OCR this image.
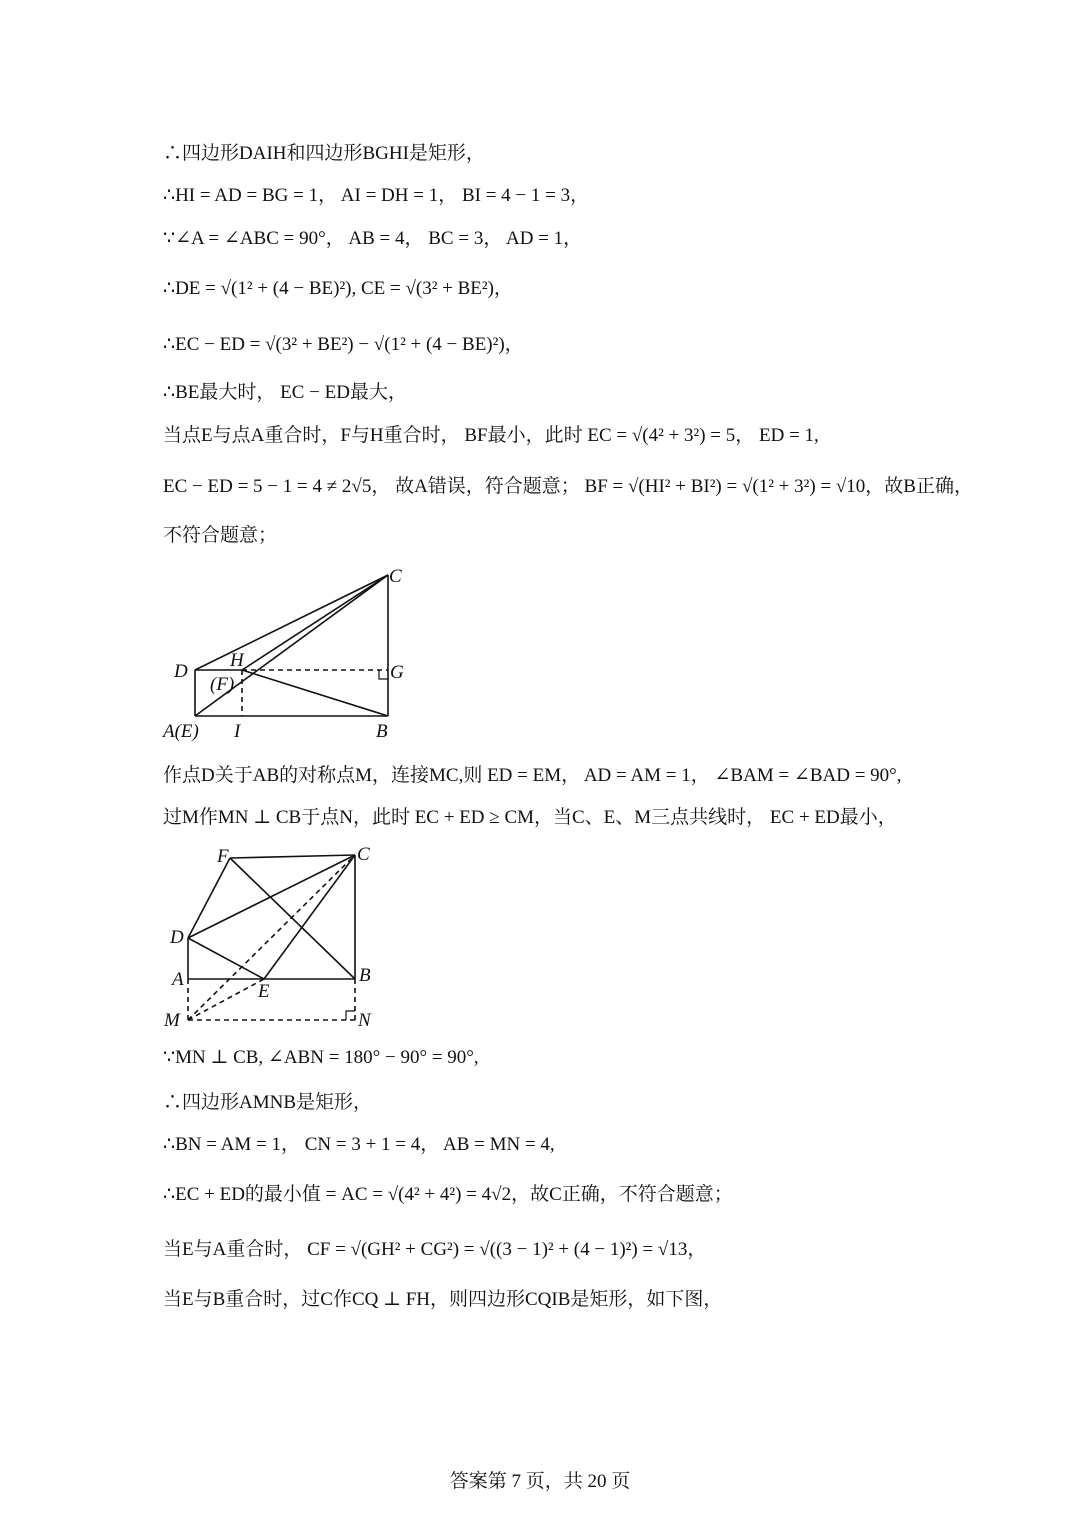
∴四边形DAIH和四边形BGHI是矩形，
∴HI = AD = BG = 1， AI = DH = 1， BI = 4 − 1 = 3，
∵∠A = ∠ABC = 90°， AB = 4， BC = 3， AD = 1，
∴DE = √(1² + (4 − BE)²), CE = √(3² + BE²)，
∴EC − ED = √(3² + BE²) − √(1² + (4 − BE)²)，
∴BE最大时， EC − ED最大，
当点E与点A重合时，F与H重合时， BF最小，此时 EC = √(4² + 3²) = 5， ED = 1,
EC − ED = 5 − 1 = 4 ≠ 2√5， 故A错误，符合题意； BF = √(HI² + BI²) = √(1² + 3²) = √10，故B正确，
不符合题意；
C
D
H
G
(F)
A(E) I	B
作点D关于AB的对称点M，连接MC,则 ED = EM， AD = AM = 1， ∠BAM = ∠BAD = 90°,
过M作MN ⊥ CB于点N，此时 EC + ED ≥ CM，当C、E、M三点共线时， EC + ED最小，
F	C
D
A	B
E
M	N
∵MN ⊥ CB, ∠ABN = 180° − 90° = 90°,
∴四边形AMNB是矩形，
∴BN = AM = 1， CN = 3 + 1 = 4， AB = MN = 4,
∴EC + ED的最小值 = AC = √(4² + 4²) = 4√2，故C正确，不符合题意；
当E与A重合时， CF = √(GH² + CG²) = √((3 − 1)² + (4 − 1)²) = √13，
当E与B重合时，过C作CQ ⊥ FH，则四边形CQIB是矩形，如下图，
答案第 7 页，共 20 页
